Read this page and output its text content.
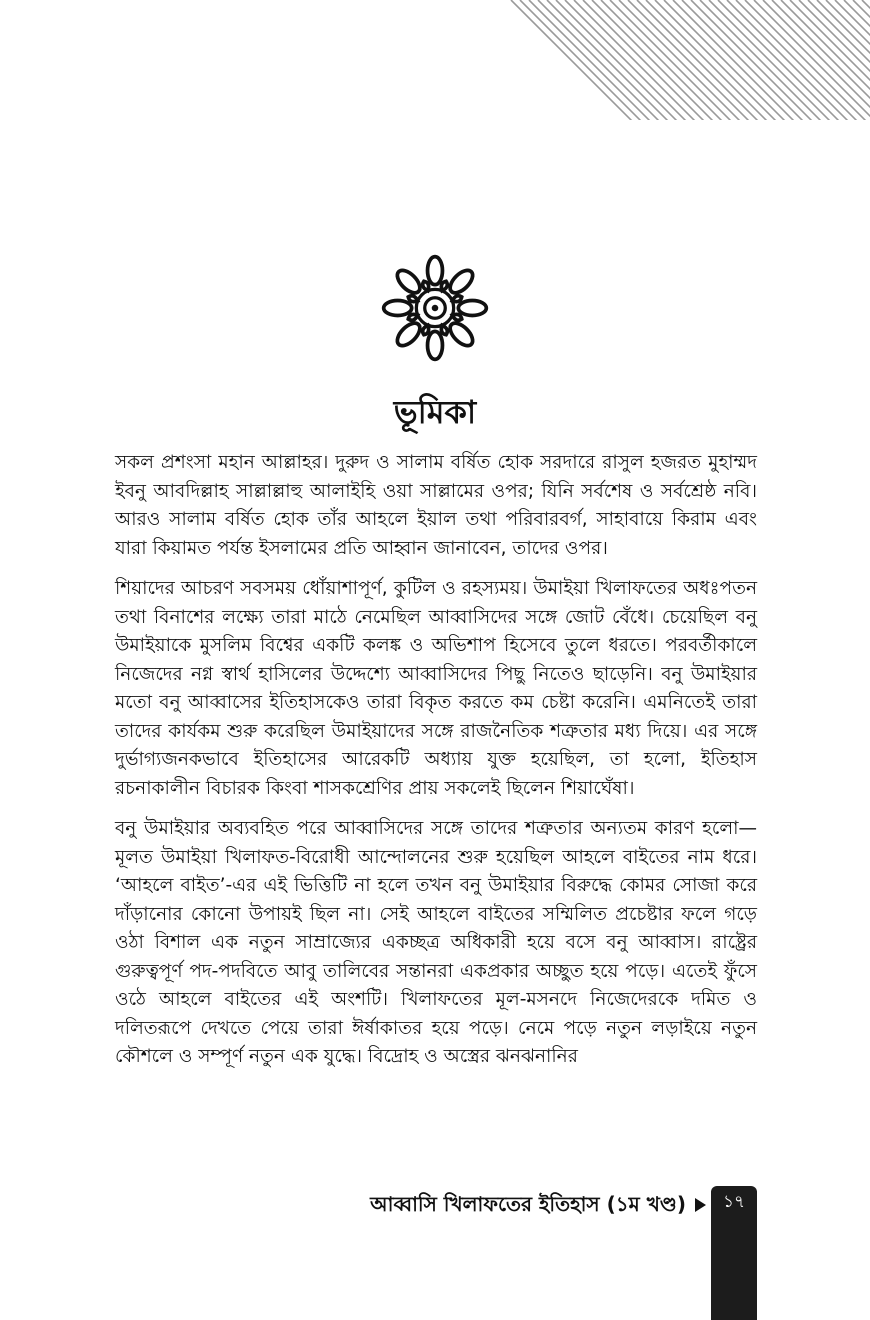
ভূমিকা

সকল প্রশংসা মহান আল্লাহর। দুরুদ ও সালাম বর্ষিত হোক সরদারে রাসুল হজরত মুহাম্মদ ইবনু আবদিল্লাহ সাল্লাল্লাহু আলাইহি ওয়া সাল্লামের ওপর; যিনি সর্বশেষ ও সর্বশ্রেষ্ঠ নবি। আরও সালাম বর্ষিত হোক তাঁর আহলে ইয়াল তথা পরিবারবর্গ, সাহাবায়ে কিরাম এবং যারা কিয়ামত পর্যন্ত ইসলামের প্রতি আহ্বান জানাবেন, তাদের ওপর।

শিয়াদের আচরণ সবসময় ধোঁয়াশাপূর্ণ, কুটিল ও রহস্যময়। উমাইয়া খিলাফতের অধঃপতন তথা বিনাশের লক্ষ্যে তারা মাঠে নেমেছিল আব্বাসিদের সঙ্গে জোট বেঁধে। চেয়েছিল বনু উমাইয়াকে মুসলিম বিশ্বের একটি কলঙ্ক ও অভিশাপ হিসেবে তুলে ধরতে। পরবর্তীকালে নিজেদের নগ্ন স্বার্থ হাসিলের উদ্দেশ্যে আব্বাসিদের পিছু নিতেও ছাড়েনি। বনু উমাইয়ার মতো বনু আব্বাসের ইতিহাসকেও তারা বিকৃত করতে কম চেষ্টা করেনি। এমনিতেই তারা তাদের কার্যকম শুরু করেছিল উমাইয়াদের সঙ্গে রাজনৈতিক শত্রুতার মধ্য দিয়ে। এর সঙ্গে দুর্ভাগ্যজনকভাবে ইতিহাসের আরেকটি অধ্যায় যুক্ত হয়েছিল, তা হলো, ইতিহাস রচনাকালীন বিচারক কিংবা শাসকশ্রেণির প্রায় সকলেই ছিলেন শিয়াঘেঁষা।

বনু উমাইয়ার অব্যবহিত পরে আব্বাসিদের সঙ্গে তাদের শত্রুতার অন্যতম কারণ হলো—মূলত উমাইয়া খিলাফত-বিরোধী আন্দোলনের শুরু হয়েছিল আহলে বাইতের নাম ধরে। ‘আহলে বাইত’-এর এই ভিত্তিটি না হলে তখন বনু উমাইয়ার বিরুদ্ধে কোমর সোজা করে দাঁড়ানোর কোনো উপায়ই ছিল না। সেই আহলে বাইতের সম্মিলিত প্রচেষ্টার ফলে গড়ে ওঠা বিশাল এক নতুন সাম্রাজ্যের একচ্ছত্র অধিকারী হয়ে বসে বনু আব্বাস। রাষ্ট্রের গুরুত্বপূর্ণ পদ-পদবিতে আবু তালিবের সন্তানরা একপ্রকার অচ্ছুত হয়ে পড়ে। এতেই ফুঁসে ওঠে আহলে বাইতের এই অংশটি। খিলাফতের মূল-মসনদে নিজেদেরকে দমিত ও দলিতরূপে দেখতে পেয়ে তারা ঈর্ষাকাতর হয়ে পড়ে। নেমে পড়ে নতুন লড়াইয়ে নতুন কৌশলে ও সম্পূর্ণ নতুন এক যুদ্ধে। বিদ্রোহ ও অস্ত্রের ঝনঝনানির

আব্বাসি খিলাফতের ইতিহাস (১ম খণ্ড)	১৭
